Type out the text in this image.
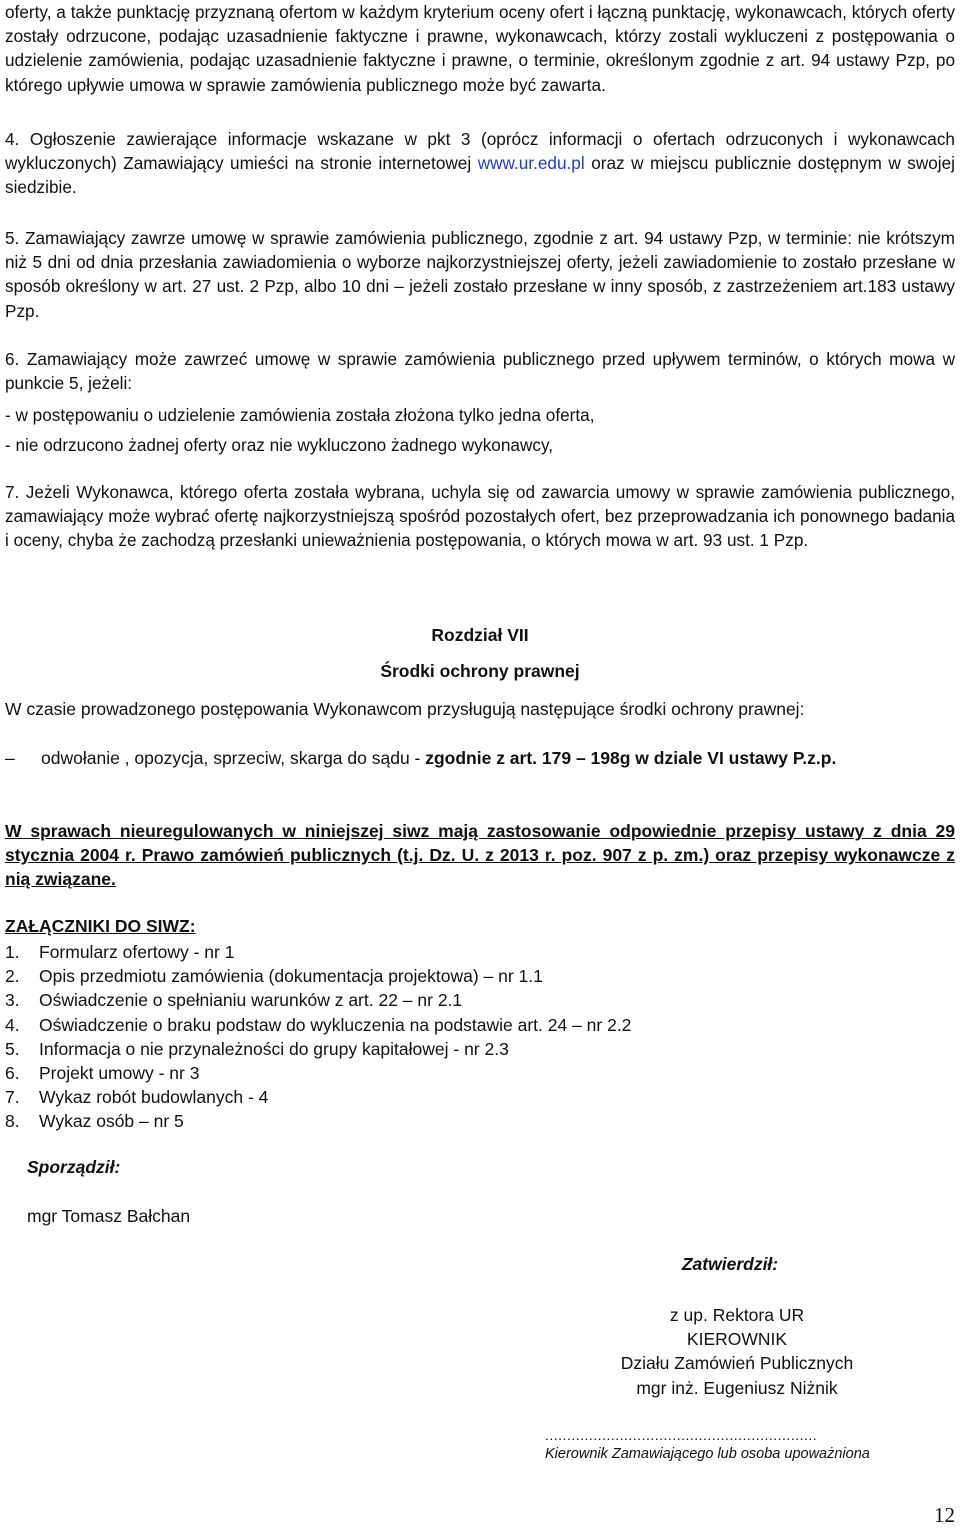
oferty, a także punktację przyznaną ofertom w każdym kryterium oceny ofert i łączną punktację, wykonawcach, których oferty zostały odrzucone, podając uzasadnienie faktyczne i prawne, wykonawcach, którzy zostali wykluczeni z postępowania o udzielenie zamówienia, podając uzasadnienie faktyczne i prawne, o terminie, określonym zgodnie z art. 94 ustawy Pzp, po którego upływie umowa w sprawie zamówienia publicznego może być zawarta.

4. Ogłoszenie zawierające informacje wskazane w pkt 3 (oprócz informacji o ofertach odrzuconych i wykonawcach wykluczonych) Zamawiający umieści na stronie internetowej www.ur.edu.pl oraz w miejscu publicznie dostępnym w swojej siedzibie.

5. Zamawiający zawrze umowę w sprawie zamówienia publicznego, zgodnie z art. 94 ustawy Pzp, w terminie: nie krótszym niż 5 dni od dnia przesłania zawiadomienia o wyborze najkorzystniejszej oferty, jeżeli zawiadomienie to zostało przesłane w sposób określony w art. 27 ust. 2 Pzp, albo 10 dni – jeżeli zostało przesłane w inny sposób, z zastrzeżeniem art.183 ustawy Pzp.

6. Zamawiający może zawrzeć umowę w sprawie zamówienia publicznego przed upływem terminów, o których mowa w punkcie 5, jeżeli:

- w postępowaniu o udzielenie zamówienia została złożona tylko jedna oferta,
- nie odrzucono żadnej oferty oraz nie wykluczono żadnego wykonawcy,

7. Jeżeli Wykonawca, którego oferta została wybrana, uchyla się od zawarcia umowy w sprawie zamówienia publicznego, zamawiający może wybrać ofertę najkorzystniejszą spośród pozostałych ofert, bez przeprowadzania ich ponownego badania i oceny, chyba że zachodzą przesłanki unieważnienia postępowania, o których mowa w art. 93 ust. 1 Pzp.

Rozdział VII
Środki ochrony prawnej
W czasie prowadzonego postępowania Wykonawcom przysługują następujące środki ochrony prawnej:
– odwołanie , opozycja, sprzeciw, skarga do sądu - zgodnie z art. 179 – 198g w dziale VI ustawy P.z.p.
W sprawach nieuregulowanych w niniejszej siwz mają zastosowanie odpowiednie przepisy ustawy z dnia 29 stycznia 2004 r. Prawo zamówień publicznych (t.j. Dz. U. z 2013 r. poz. 907 z p. zm.) oraz przepisy wykonawcze z nią związane.
ZAŁĄCZNIKI DO SIWZ:
1. Formularz ofertowy - nr 1
2. Opis przedmiotu zamówienia (dokumentacja projektowa) – nr 1.1
3. Oświadczenie o spełnianiu warunków z art. 22 – nr 2.1
4. Oświadczenie o braku podstaw do wykluczenia na podstawie art. 24 – nr 2.2
5. Informacja o nie przynależności do grupy kapitałowej - nr 2.3
6. Projekt umowy - nr 3
7. Wykaz robót budowlanych - 4
8. Wykaz osób – nr 5
Sporządził:
mgr Tomasz Bałchan
Zatwierdził:
z up. Rektora UR
KIEROWNIK
Działu Zamówień Publicznych
mgr inż. Eugeniusz Niżnik
..............................................................
Kierownik Zamawiającego lub osoba upoważniona
12
